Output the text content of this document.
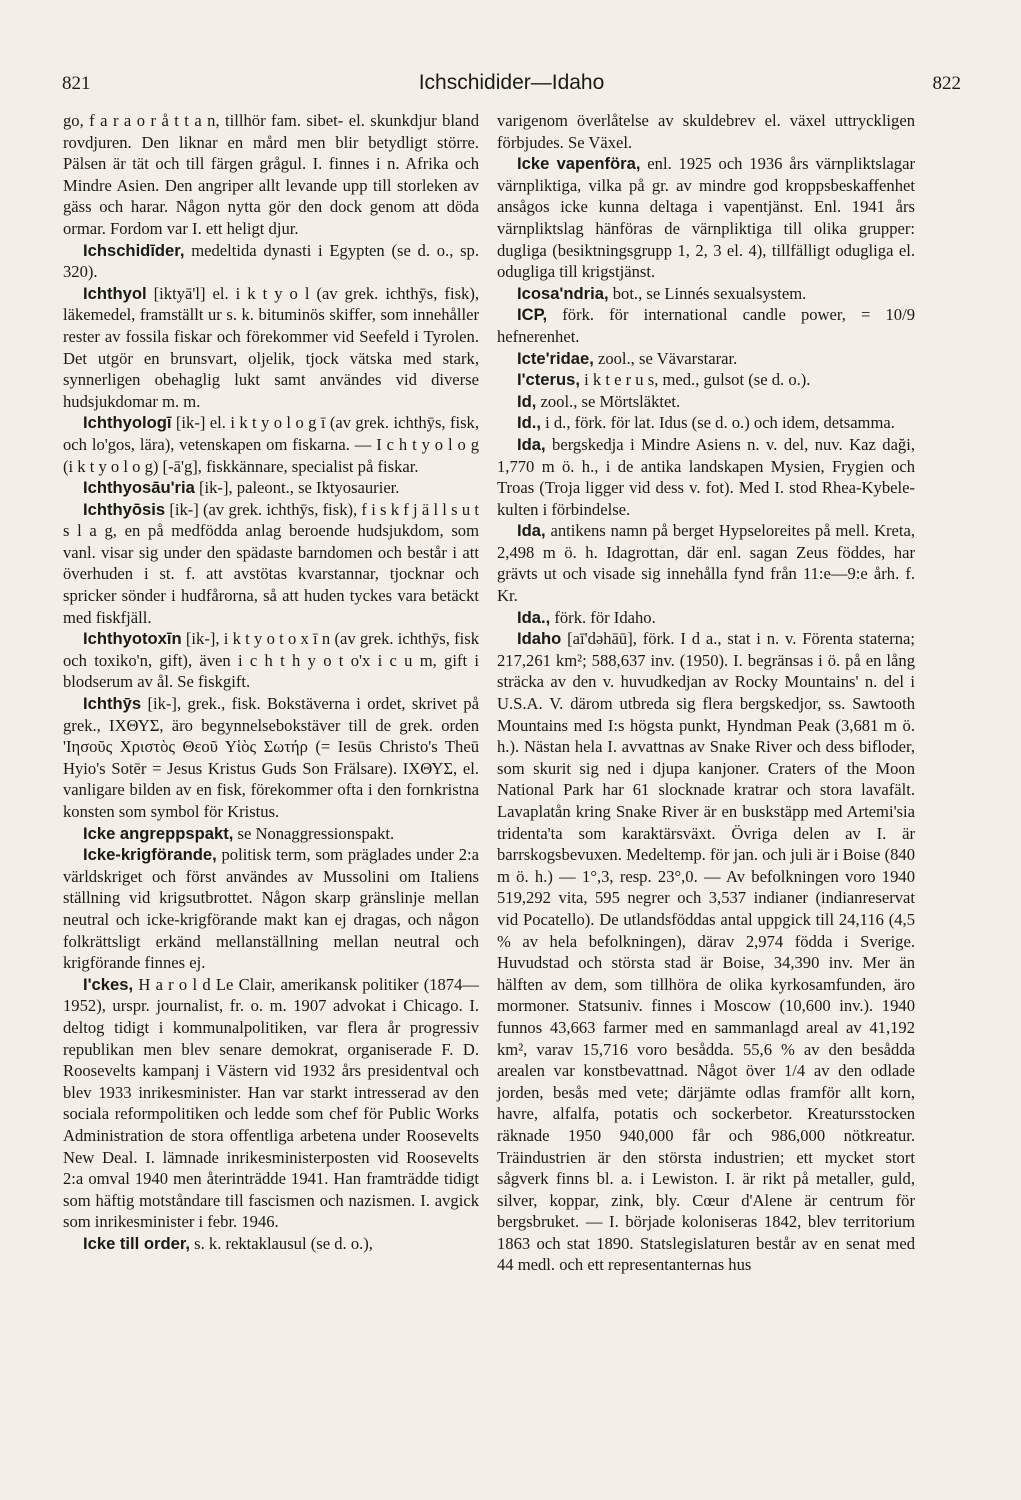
821	Ichschidider—Idaho	822

go, f a r a o r å t t a n, tillhör fam. sibet- el. skunkdjur bland rovdjuren. Den liknar en mård men blir betydligt större. Pälsen är tät och till färgen grågul. I. finnes i n. Afrika och Mindre Asien. Den angriper allt levande upp till storleken av gäss och harar. Någon nytta gör den dock genom att döda ormar. Fordom var I. ett heligt djur.

Ichschidīder, medeltida dynasti i Egypten (se d. o., sp. 320).

Ichthyol [iktyā'l] el. i k t y o l (av grek. ichthȳs, fisk), läkemedel, framställt ur s. k. bituminös skiffer, som innehåller rester av fossila fiskar och förekommer vid Seefeld i Tyrolen. Det utgör en brunsvart, oljelik, tjock vätska med stark, synnerligen obehaglig lukt samt användes vid diverse hudsjukdomar m. m.

Ichthyologī [ik-] el. i k t y o l o g ī (av grek. ichthȳs, fisk, och lo'gos, lära), vetenskapen om fiskarna. — I c h t y o l o g (i k t y o l o g) [-ā'g], fiskkännare, specialist på fiskar.

Ichthyosāu'ria [ik-], paleont., se Iktyosaurier.

Ichthyōsis [ik-] (av grek. ichthȳs, fisk), f i s k f j ä l l s u t s l a g, en på medfödda anlag beroende hudsjukdom, som vanl. visar sig under den spädaste barndomen och består i att överhuden i st. f. att avstötas kvarstannar, tjocknar och spricker sönder i hudfårorna, så att huden tyckes vara betäckt med fiskfjäll.

Ichthyotoxīn [ik-], i k t y o t o x ī n (av grek. ichthȳs, fisk och toxiko'n, gift), även i c h t h y o t o'x i c u m, gift i blodserum av ål. Se fiskgift.

Ichthȳs [ik-], grek., fisk. Bokstäverna i ordet, skrivet på grek., ΙΧΘΥΣ, äro begynnelsebokstäver till de grek. orden 'Ιησοῦς Χριστὸς Θεοῦ Υἱὸς Σωτήρ (= Iesūs Christo's Theū Hyio's Sotēr = Jesus Kristus Guds Son Frälsare). ΙΧΘΥΣ, el. vanligare bilden av en fisk, förekommer ofta i den fornkristna konsten som symbol för Kristus.

Icke angreppspakt, se Nonaggressionspakt.

Icke-krigförande, politisk term, som präglades under 2:a världskriget och först användes av Mussolini om Italiens ställning vid krigsutbrottet. Någon skarp gränslinje mellan neutral och icke-krigförande makt kan ej dragas, och någon folkrättsligt erkänd mellanställning mellan neutral och krigförande finnes ej.

I'ckes, H a r o l d Le Clair, amerikansk politiker (1874—1952), urspr. journalist, fr. o. m. 1907 advokat i Chicago. I. deltog tidigt i kommunalpolitiken, var flera år progressiv republikan men blev senare demokrat, organiserade F. D. Roosevelts kampanj i Västern vid 1932 års presidentval och blev 1933 inrikesminister. Han var starkt intresserad av den sociala reformpolitiken och ledde som chef för Public Works Administration de stora offentliga arbetena under Roosevelts New Deal. I. lämnade inrikesministerposten vid Roosevelts 2:a omval 1940 men återinträdde 1941. Han framträdde tidigt som häftig motståndare till fascismen och nazismen. I. avgick som inrikesminister i febr. 1946.

Icke till order, s. k. rektaklausul (se d. o.),

varigenom överlåtelse av skuldebrev el. växel uttryckligen förbjudes. Se Växel.

Icke vapenföra, enl. 1925 och 1936 års värnpliktslagar värnpliktiga, vilka på gr. av mindre god kroppsbeskaffenhet ansågos icke kunna deltaga i vapentjänst. Enl. 1941 års värnpliktslag hänföras de värnpliktiga till olika grupper: dugliga (besiktningsgrupp 1, 2, 3 el. 4), tillfälligt odugliga el. odugliga till krigstjänst.

Icosa'ndria, bot., se Linnés sexualsystem.

ICP, förk. för international candle power, = 10/9 hefnerenhet.

Icte'ridae, zool., se Vävarstarar.

I'cterus, i k t e r u s, med., gulsot (se d. o.).

Id, zool., se Mörtsläktet.

Id., i d., förk. för lat. Idus (se d. o.) och idem, detsamma.

Ida, bergskedja i Mindre Asiens n. v. del, nuv. Kaz daği, 1,770 m ö. h., i de antika landskapen Mysien, Frygien och Troas (Troja ligger vid dess v. fot). Med I. stod Rhea-Kybele-kulten i förbindelse.

Ida, antikens namn på berget Hypseloreites på mell. Kreta, 2,498 m ö. h. Idagrottan, där enl. sagan Zeus föddes, har grävts ut och visade sig innehålla fynd från 11:e—9:e årh. f. Kr.

Ida., förk. för Idaho.

Idaho [aī'dəhāū], förk. I d a., stat i n. v. Förenta staterna; 217,261 km²; 588,637 inv. (1950). I. begränsas i ö. på en lång sträcka av den v. huvudkedjan av Rocky Mountains' n. del i U.S.A. V. därom utbreda sig flera bergskedjor, ss. Sawtooth Mountains med I:s högsta punkt, Hyndman Peak (3,681 m ö. h.). Nästan hela I. avvattnas av Snake River och dess bifloder, som skurit sig ned i djupa kanjoner. Craters of the Moon National Park har 61 slocknade kratrar och stora lavafält. Lavaplatån kring Snake River är en buskstäpp med Artemi'sia tridenta'ta som karaktärsväxt. Övriga delen av I. är barrskogsbevuxen. Medeltemp. för jan. och juli är i Boise (840 m ö. h.) — 1°,3, resp. 23°,0. — Av befolkningen voro 1940 519,292 vita, 595 negrer och 3,537 indianer (indianreservat vid Pocatello). De utlandsföddas antal uppgick till 24,116 (4,5 % av hela befolkningen), därav 2,974 födda i Sverige. Huvudstad och största stad är Boise, 34,390 inv. Mer än hälften av dem, som tillhöra de olika kyrkosamfunden, äro mormoner. Statsuniv. finnes i Moscow (10,600 inv.). 1940 funnos 43,663 farmer med en sammanlagd areal av 41,192 km², varav 15,716 voro besådda. 55,6 % av den besådda arealen var konstbevattnad. Något över 1/4 av den odlade jorden, besås med vete; därjämte odlas framför allt korn, havre, alfalfa, potatis och sockerbetor. Kreatursstocken räknade 1950 940,000 får och 986,000 nötkreatur. Träindustrien är den största industrien; ett mycket stort sågverk finns bl. a. i Lewiston. I. är rikt på metaller, guld, silver, koppar, zink, bly. Cœur d'Alene är centrum för bergsbruket. — I. började koloniseras 1842, blev territorium 1863 och stat 1890. Statslegislaturen består av en senat med 44 medl. och ett representanternas hus
